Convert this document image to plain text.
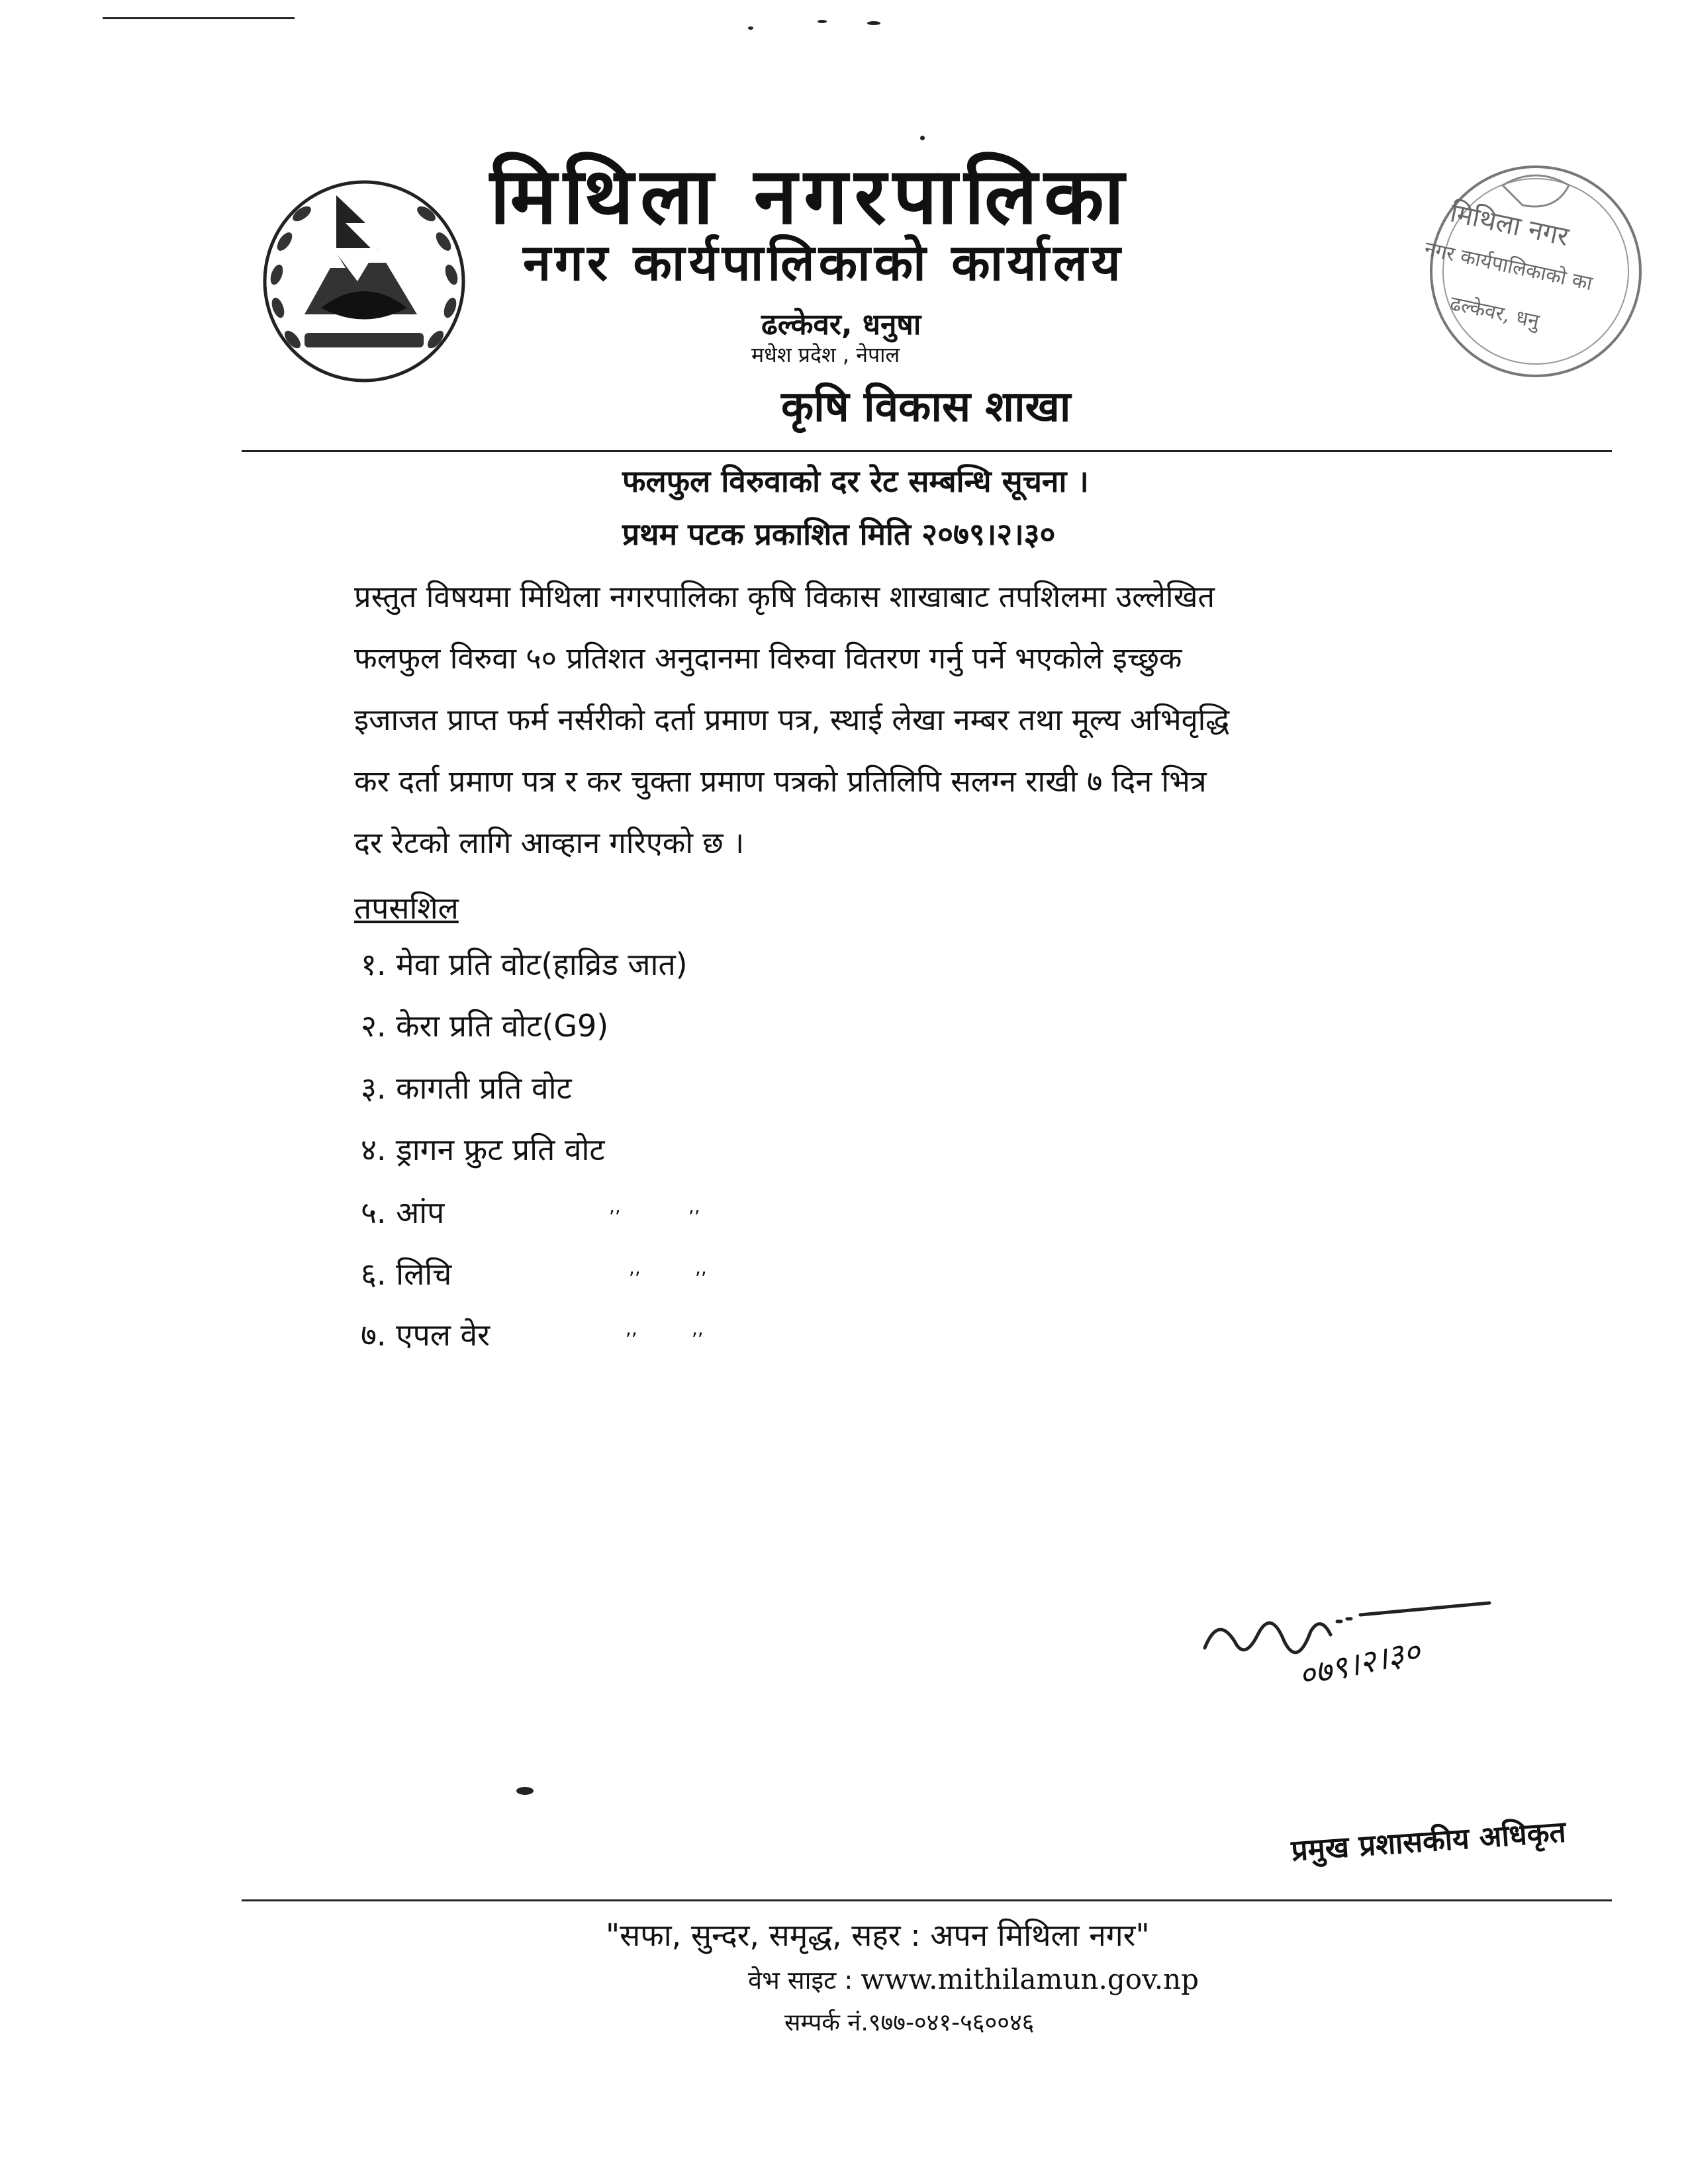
मिथिला नगर
नगर कार्यपालिकाको का
ढल्केवर, धनु
मिथिला नगरपालिका
नगर कार्यपालिकाको कार्यालय
ढल्केवर, धनुषा
मधेश प्रदेश , नेपाल
कृषि विकास शाखा
फलफुल विरुवाको दर रेट सम्बन्धि सूचना ।
प्रथम पटक प्रकाशित मिति २०७९।२।३०
प्रस्तुत विषयमा मिथिला नगरपालिका कृषि विकास शाखाबाट तपशिलमा उल्लेखित
फलफुल विरुवा ५० प्रतिशत अनुदानमा विरुवा वितरण गर्नु पर्ने भएकोले इच्छुक
इजाजत प्राप्त फर्म नर्सरीको दर्ता प्रमाण पत्र, स्थाई लेखा नम्बर तथा मूल्य अभिवृद्धि
कर दर्ता प्रमाण पत्र र कर चुक्ता प्रमाण पत्रको प्रतिलिपि सलग्न राखी ७ दिन भित्र
दर रेटको लागि आव्हान गरिएको छ ।
तपसशिल
१. मेवा प्रति वोट(हाव्रिड जात)
२. केरा प्रति वोट(G9)
३. कागती प्रति वोट
४. ड्रागन फ्रुट प्रति वोट
५. आंप	,,	,,
६. लिचि	,,	,,
७. एपल वेर	,,	,,
०७९।२।३०
प्रमुख प्रशासकीय अधिकृत
"सफा, सुन्दर, समृद्ध, सहर : अपन मिथिला नगर"
वेभ साइट : www.mithilamun.gov.np
सम्पर्क नं.९७७-०४१-५६००४६
